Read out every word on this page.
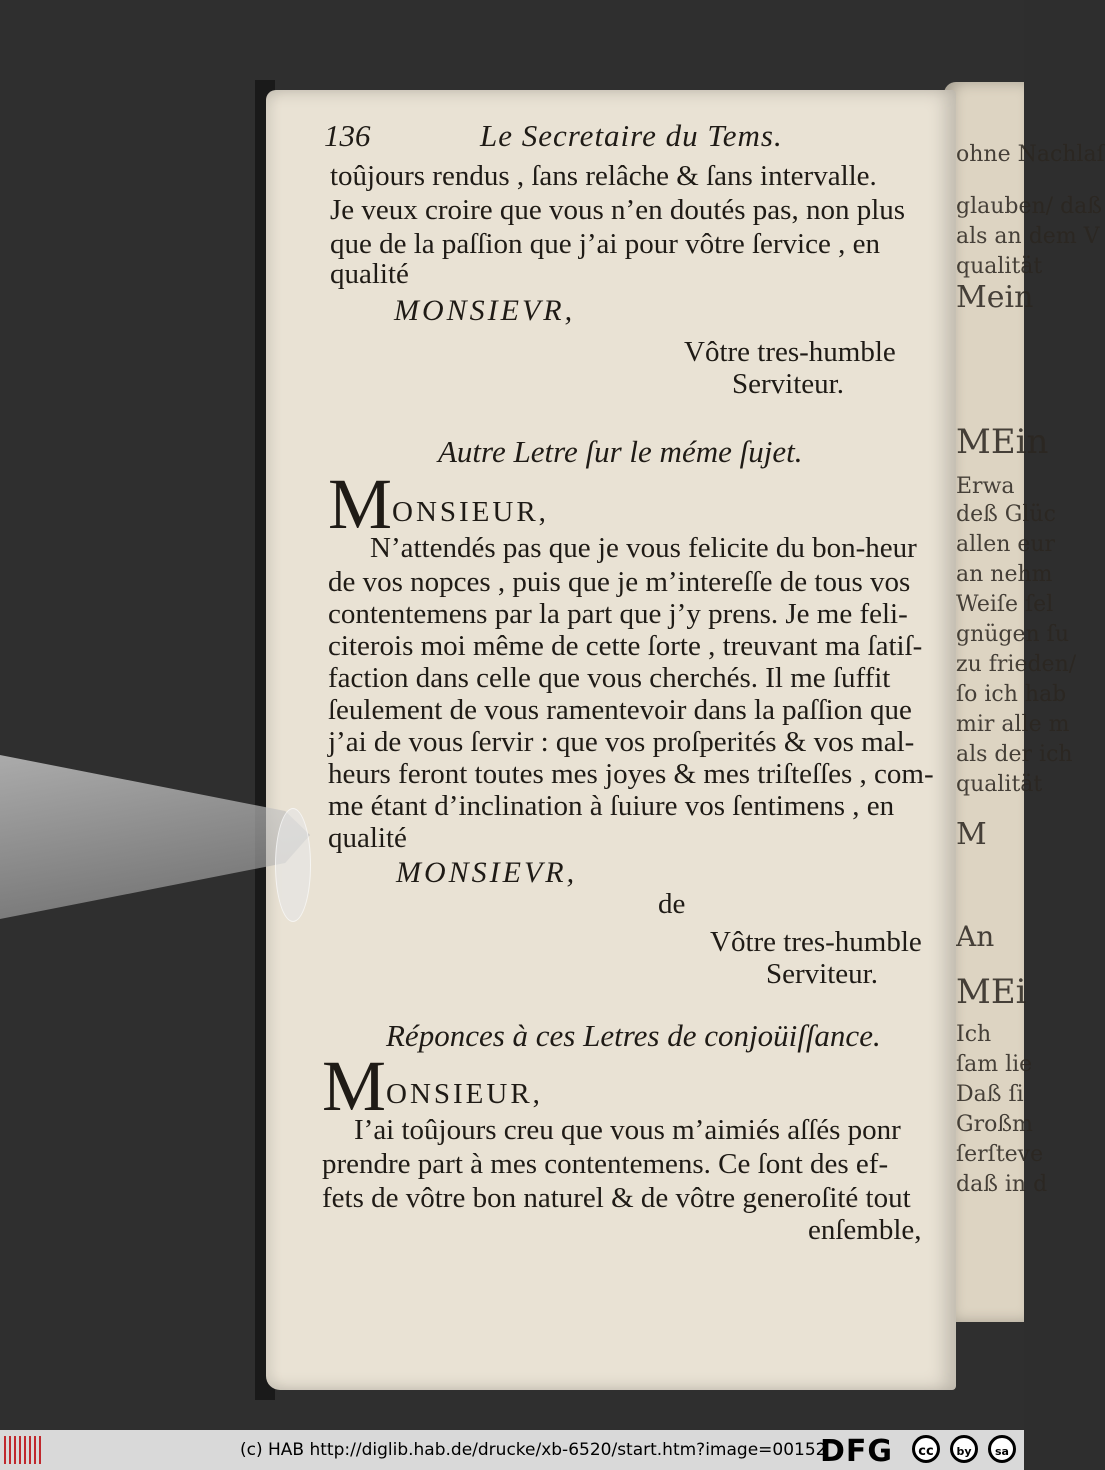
ohne Nachlaſ
glauben/ daß
als an dem V
qualität
Mein
MEin
Erwa
deß Glüc
allen eur
an nehm
Weiſe ſel
gnügen ſu
zu frieden/
ſo ich hab
mir alle m
als der ich
qualität
M
An
MEi
Ich
ſam lie
Daß ſi
Großm
ſerſteve
daß in d
136	Le Secretaire du Tems.
toûjours rendus , ſans relâche & ſans intervalle.
Je veux croire que vous n’en doutés pas, non plus
que de la paſſion que j’ai pour vôtre ſervice , en
qualité
MONSIEVR,
Vôtre tres-humble
Serviteur.
Autre Letre ſur le méme ſujet.
M ONSIEUR,
N’attendés pas que je vous felicite du bon-heur
de vos nopces , puis que je m’intereſſe de tous vos
contentemens par la part que j’y prens. Je me feli-
citerois moi même de cette ſorte , treuvant ma ſatiſ-
faction dans celle que vous cherchés. Il me ſuffit
ſeulement de vous ramentevoir dans la paſſion que
j’ai de vous ſervir : que vos proſperités & vos mal-
heurs feront toutes mes joyes & mes triſteſſes , com-
me étant d’inclination à ſuiure vos ſentimens , en
qualité
MONSIEVR,
de
Vôtre tres-humble
Serviteur.
Réponces à ces Letres de conjoüiſſance.
M ONSIEUR,
I’ai toûjours creu que vous m’aimiés aſſés ponr
prendre part à mes contentemens. Ce ſont des ef-
fets de vôtre bon naturel & de vôtre generoſité tout
enſemble,
(c) HAB http://diglib.hab.de/drucke/xb-6520/start.htm?image=00152
DFG	cc	by	sa
